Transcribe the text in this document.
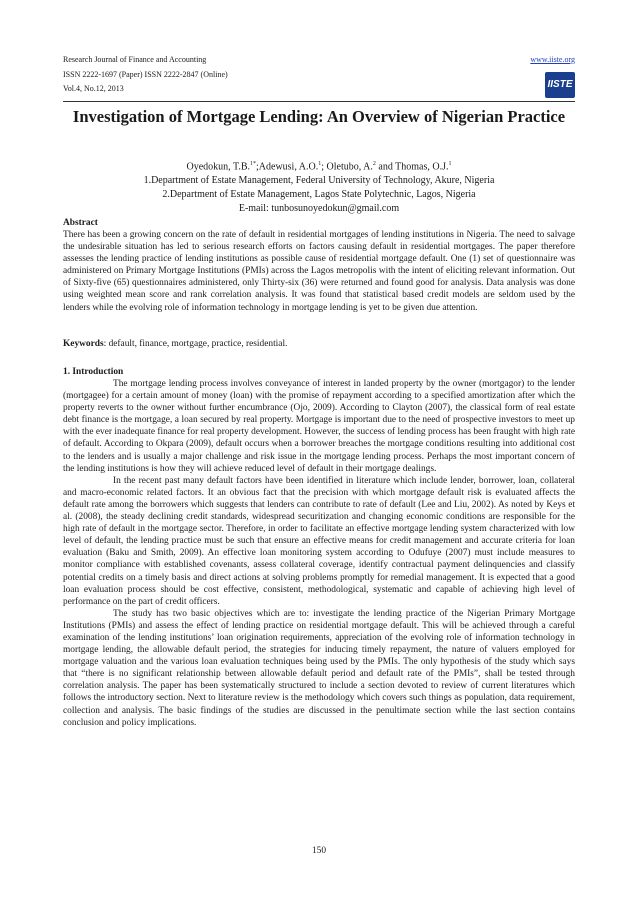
Research Journal of Finance and Accounting
ISSN 2222-1697 (Paper) ISSN 2222-2847 (Online)
Vol.4, No.12, 2013
www.iiste.org
IISTE
Investigation of Mortgage Lending: An Overview of Nigerian Practice
Oyedokun, T.B.$^{1*}$;Adewusi, A.O.$^1$; Oletubo, A.$^2$ and Thomas, O.J.$^1$
1.Department of Estate Management, Federal University of Technology, Akure, Nigeria
2.Department of Estate Management, Lagos State Polytechnic, Lagos, Nigeria
E-mail: tunbosunoyedokun@gmail.com
Abstract
There has been a growing concern on the rate of default in residential mortgages of lending institutions in Nigeria. The need to salvage the undesirable situation has led to serious research efforts on factors causing default in residential mortgages. The paper therefore assesses the lending practice of lending institutions as possible cause of residential mortgage default. One (1) set of questionnaire was administered on Primary Mortgage Institutions (PMIs) across the Lagos metropolis with the intent of eliciting relevant information. Out of Sixty-five (65) questionnaires administered, only Thirty-six (36) were returned and found good for analysis. Data analysis was done using weighted mean score and rank correlation analysis. It was found that statistical based credit models are seldom used by the lenders while the evolving role of information technology in mortgage lending is yet to be given due attention.
Keywords: default, finance, mortgage, practice, residential.
1. Introduction

The mortgage lending process involves conveyance of interest in landed property by the owner (mortgagor) to the lender (mortgagee) for a certain amount of money (loan) with the promise of repayment according to a specified amortization after which the property reverts to the owner without further encumbrance (Ojo, 2009). According to Clayton (2007), the classical form of real estate debt finance is the mortgage, a loan secured by real property. Mortgage is important due to the need of prospective investors to meet up with the ever inadequate finance for real property development. However, the success of lending process has been fraught with high rate of default. According to Okpara (2009), default occurs when a borrower breaches the mortgage conditions resulting into additional cost to the lenders and is usually a major challenge and risk issue in the mortgage lending process. Perhaps the most important concern of the lending institutions is how they will achieve reduced level of default in their mortgage dealings.

In the recent past many default factors have been identified in literature which include lender, borrower, loan, collateral and macro-economic related factors. It an obvious fact that the precision with which mortgage default risk is evaluated affects the default rate among the borrowers which suggests that lenders can contribute to rate of default (Lee and Liu, 2002). As noted by Keys et al. (2008), the steady declining credit standards, widespread securitization and changing economic conditions are responsible for the high rate of default in the mortgage sector. Therefore, in order to facilitate an effective mortgage lending system characterized with low level of default, the lending practice must be such that ensure an effective means for credit management and accurate criteria for loan evaluation (Baku and Smith, 2009). An effective loan monitoring system according to Odufuye (2007) must include measures to monitor compliance with established covenants, assess collateral coverage, identify contractual payment delinquencies and classify potential credits on a timely basis and direct actions at solving problems promptly for remedial management. It is expected that a good loan evaluation process should be cost effective, consistent, methodological, systematic and capable of achieving high level of performance on the part of credit officers.

The study has two basic objectives which are to: investigate the lending practice of the Nigerian Primary Mortgage Institutions (PMIs) and assess the effect of lending practice on residential mortgage default. This will be achieved through a careful examination of the lending institutions’ loan origination requirements, appreciation of the evolving role of information technology in mortgage lending, the allowable default period, the strategies for inducing timely repayment, the nature of valuers employed for mortgage valuation and the various loan evaluation techniques being used by the PMIs. The only hypothesis of the study which says that “there is no significant relationship between allowable default period and default rate of the PMIs”, shall be tested through correlation analysis. The paper has been systematically structured to include a section devoted to review of current literatures which follows the introductory section. Next to literature review is the methodology which covers such things as population, data requirement, collection and analysis. The basic findings of the studies are discussed in the penultimate section while the last section contains conclusion and policy implications.

150
